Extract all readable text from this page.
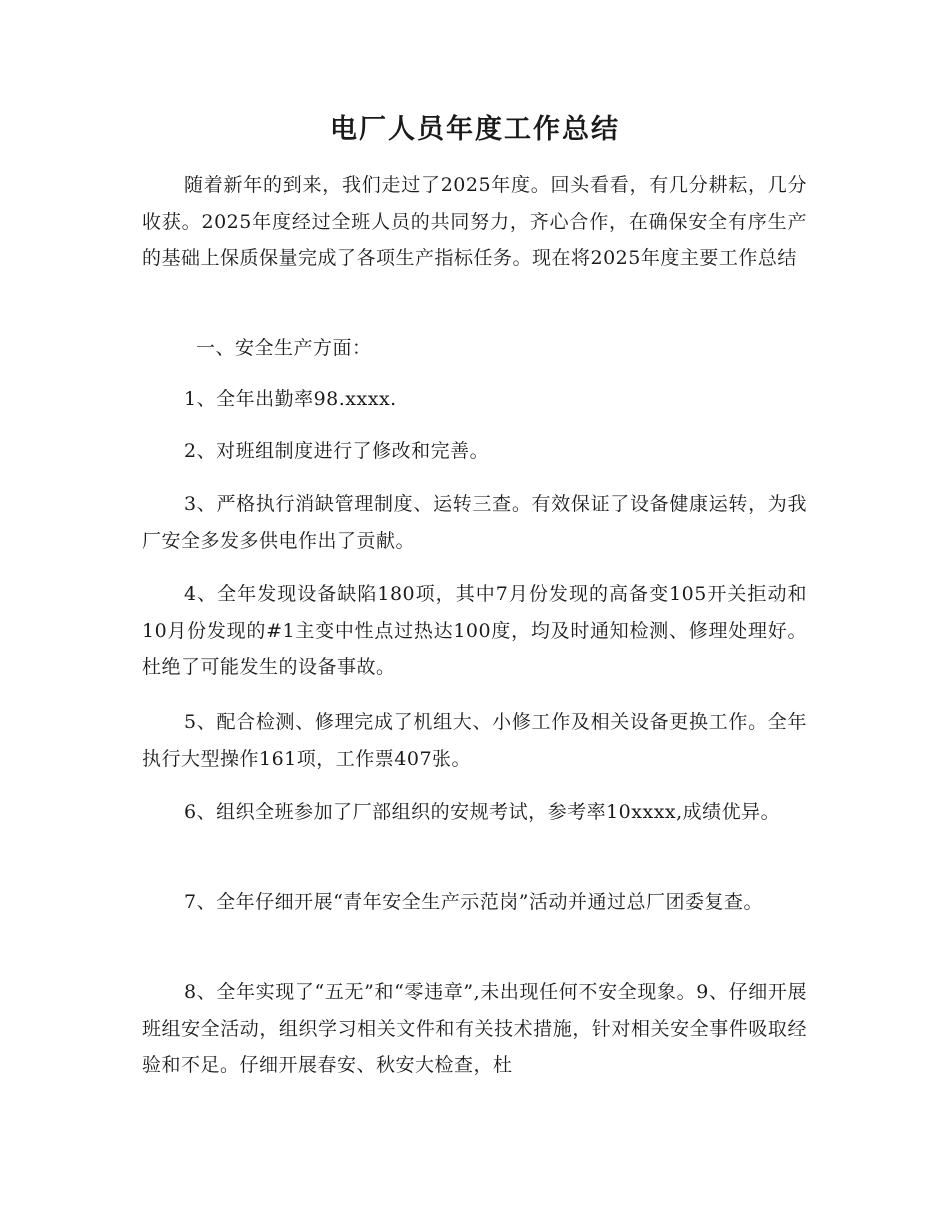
电厂人员年度工作总结
随着新年的到来，我们走过了2025年度。回头看看，有几分耕耘，几分收获。2025年度经过全班人员的共同努力，齐心合作，在确保安全有序生产的基础上保质保量完成了各项生产指标任务。现在将2025年度主要工作总结
一、安全生产方面：
1、全年出勤率98.xxxx.
2、对班组制度进行了修改和完善。
3、严格执行消缺管理制度、运转三查。有效保证了设备健康运转，为我厂安全多发多供电作出了贡献。
4、全年发现设备缺陷180项，其中7月份发现的高备变105开关拒动和10月份发现的#1主变中性点过热达100度，均及时通知检测、修理处理好。杜绝了可能发生的设备事故。
5、配合检测、修理完成了机组大、小修工作及相关设备更换工作。全年执行大型操作161项，工作票407张。
6、组织全班参加了厂部组织的安规考试，参考率10xxxx,成绩优异。
7、全年仔细开展“青年安全生产示范岗”活动并通过总厂团委复查。
8、全年实现了“五无”和“零违章”,未出现任何不安全现象。9、仔细开展班组安全活动，组织学习相关文件和有关技术措施，针对相关安全事件吸取经验和不足。仔细开展春安、秋安大检查，杜
